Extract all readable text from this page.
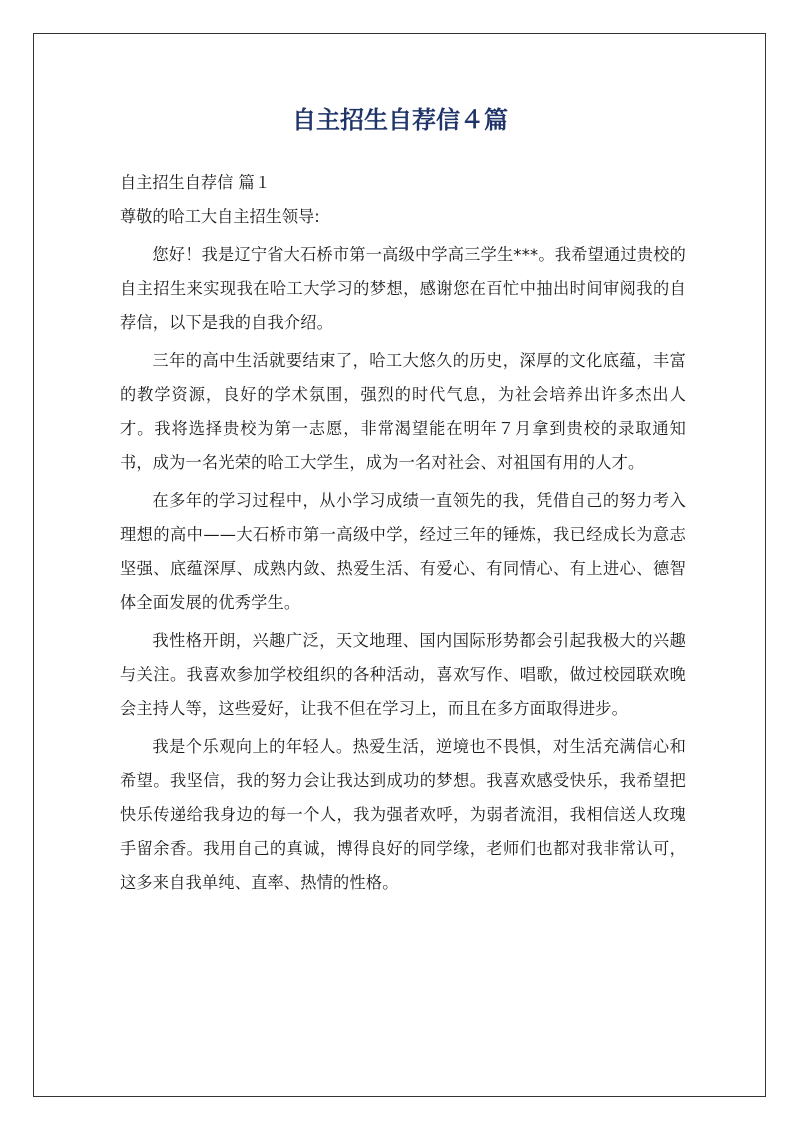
自主招生自荐信４篇

自主招生自荐信 篇１

尊敬的哈工大自主招生领导:

您好！我是辽宁省大石桥市第一高级中学高三学生***。我希望通过贵校的自主招生来实现我在哈工大学习的梦想，感谢您在百忙中抽出时间审阅我的自荐信，以下是我的自我介绍。

三年的高中生活就要结束了，哈工大悠久的历史，深厚的文化底蕴，丰富的教学资源，良好的学术氛围，强烈的时代气息，为社会培养出许多杰出人才。我将选择贵校为第一志愿，非常渴望能在明年７月拿到贵校的录取通知书，成为一名光荣的哈工大学生，成为一名对社会、对祖国有用的人才。

在多年的学习过程中，从小学习成绩一直领先的我，凭借自己的努力考入理想的高中——大石桥市第一高级中学，经过三年的锤炼，我已经成长为意志坚强、底蕴深厚、成熟内敛、热爱生活、有爱心、有同情心、有上进心、德智体全面发展的优秀学生。

我性格开朗，兴趣广泛，天文地理、国内国际形势都会引起我极大的兴趣与关注。我喜欢参加学校组织的各种活动，喜欢写作、唱歌，做过校园联欢晚会主持人等，这些爱好，让我不但在学习上，而且在多方面取得进步。

我是个乐观向上的年轻人。热爱生活，逆境也不畏惧，对生活充满信心和希望。我坚信，我的努力会让我达到成功的梦想。我喜欢感受快乐，我希望把快乐传递给我身边的每一个人，我为强者欢呼，为弱者流泪，我相信送人玫瑰手留余香。我用自己的真诚，博得良好的同学缘，老师们也都对我非常认可，这多来自我单纯、直率、热情的性格。
